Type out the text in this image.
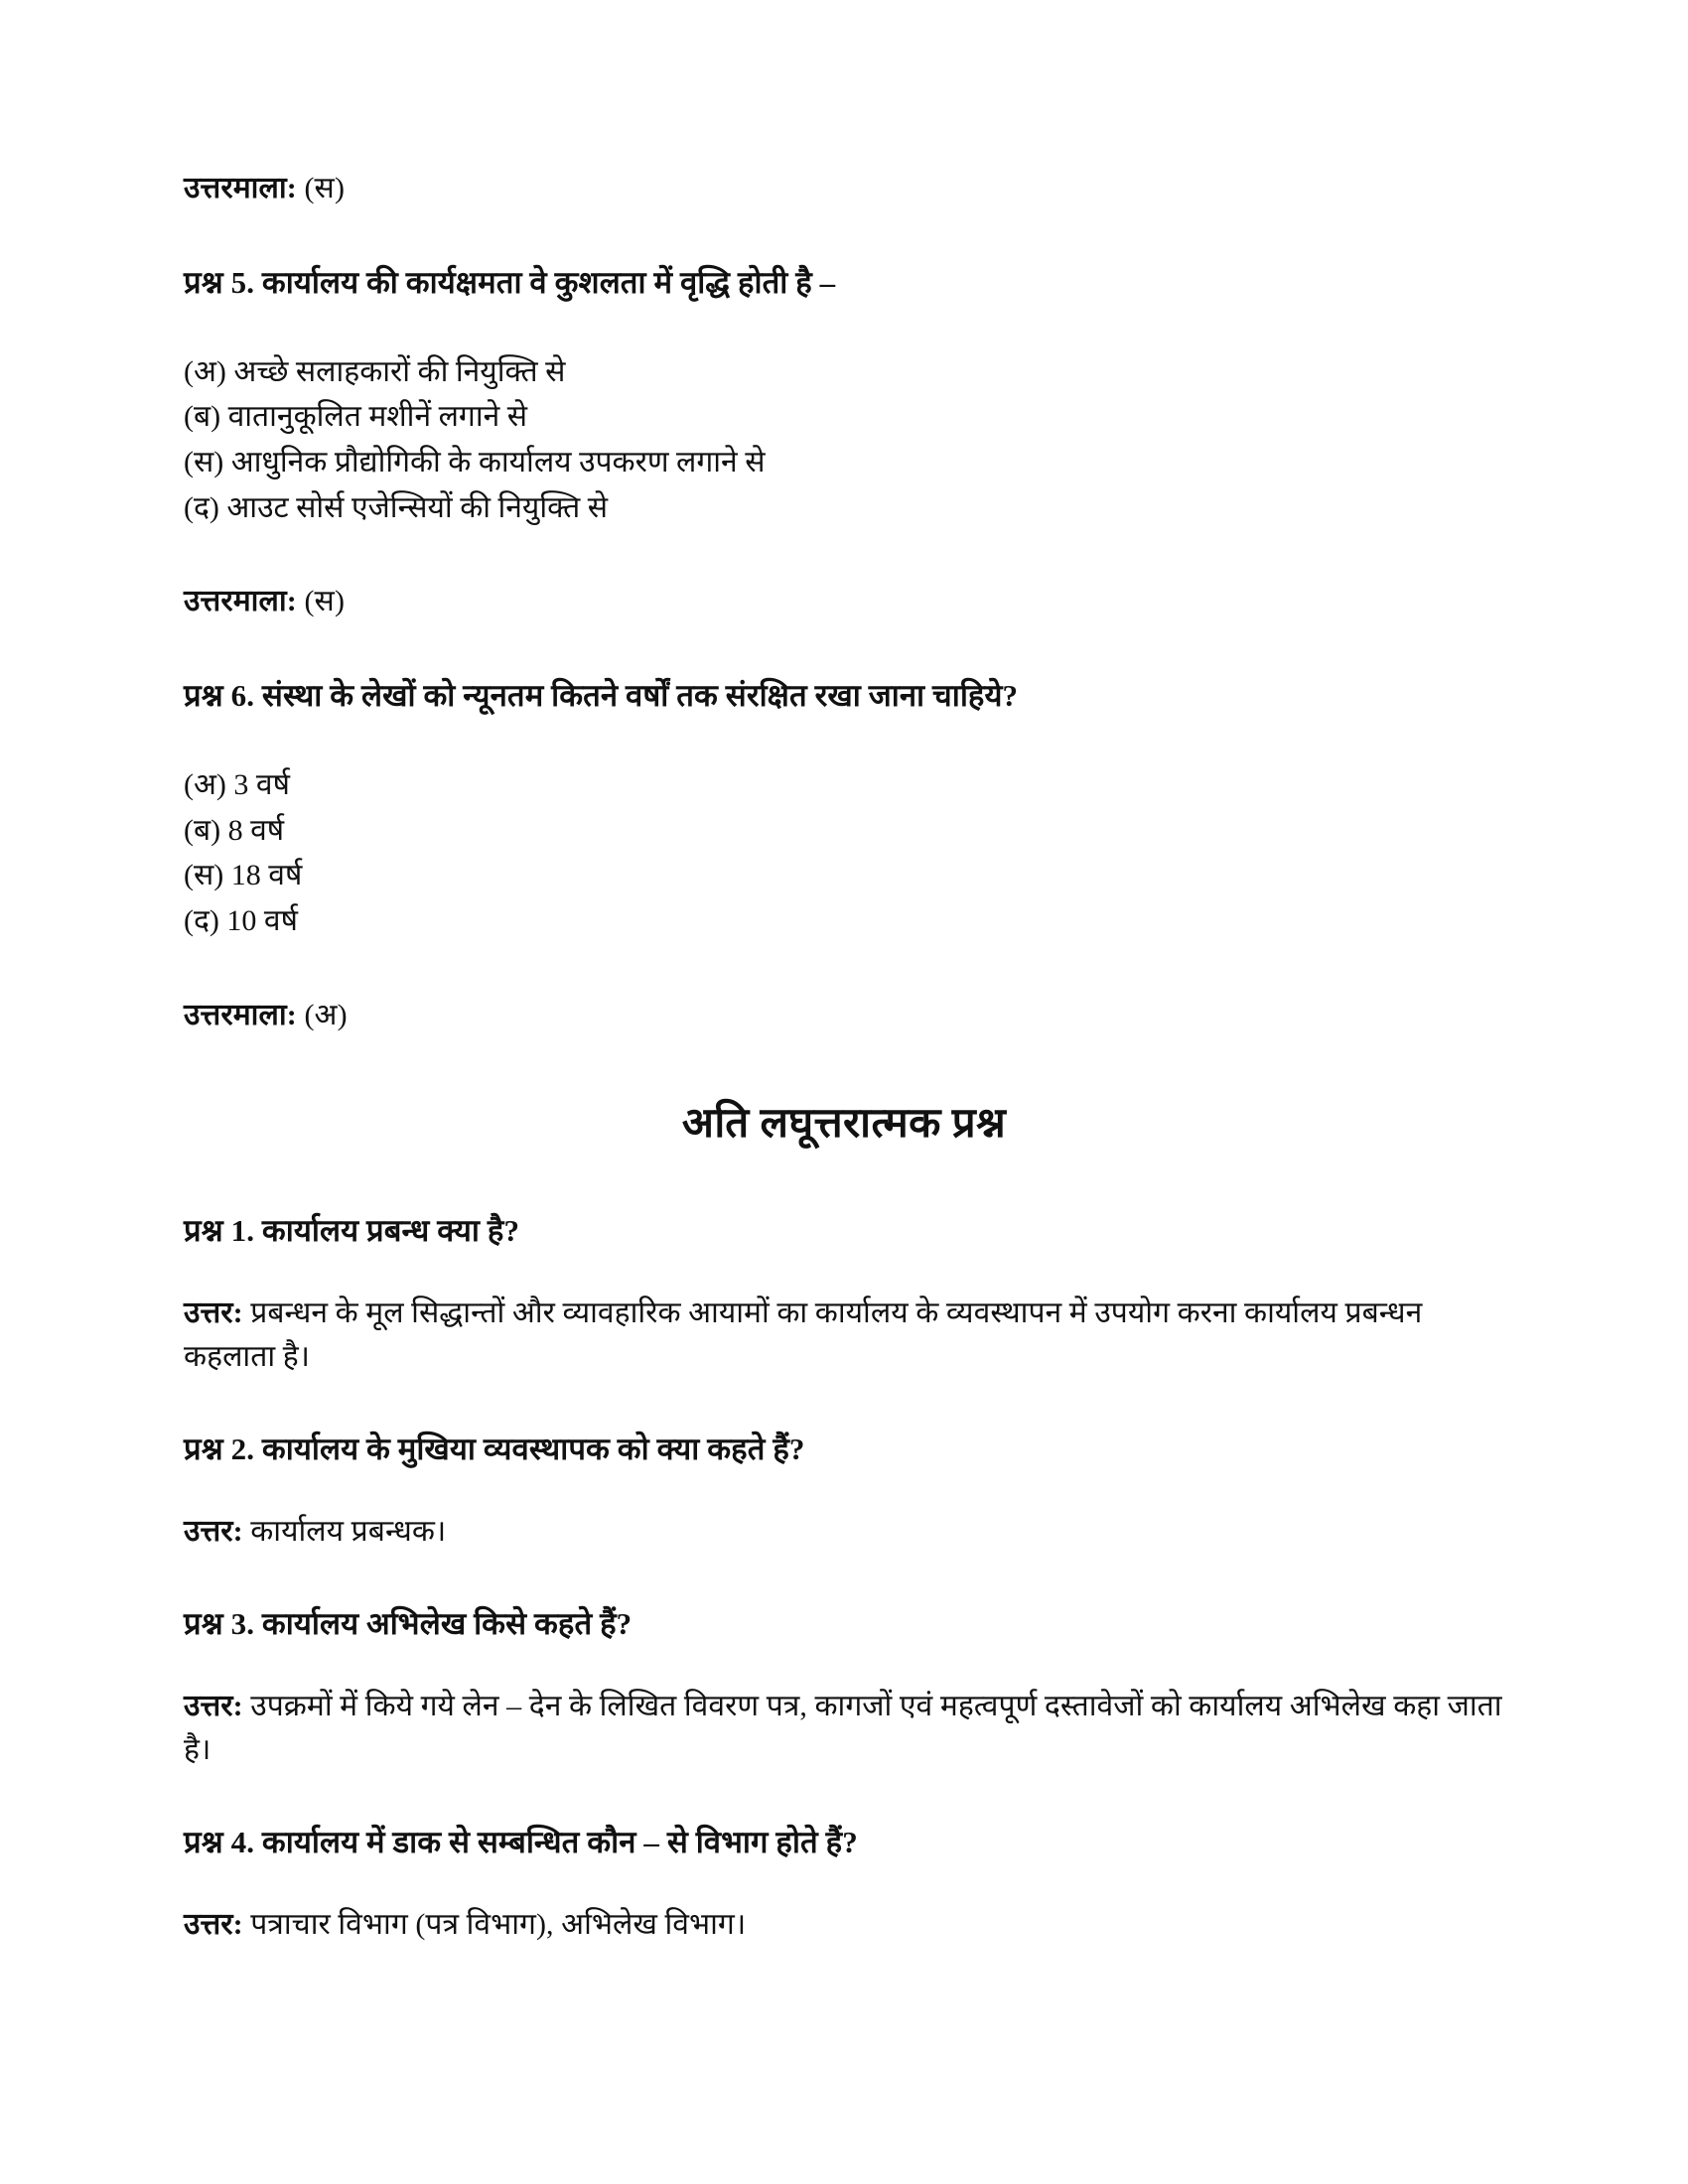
उत्तरमाला: (स)

प्रश्न 5. कार्यालय की कार्यक्षमता वे कुशलता में वृद्धि होती है –

(अ) अच्छे सलाहकारों की नियुक्ति से
(ब) वातानुकूलित मशीनें लगाने से
(स) आधुनिक प्रौद्योगिकी के कार्यालय उपकरण लगाने से
(द) आउट सोर्स एजेन्सियों की नियुक्ति से

उत्तरमाला: (स)

प्रश्न 6. संस्था के लेखों को न्यूनतम कितने वर्षों तक संरक्षित रखा जाना चाहिये?

(अ) 3 वर्ष
(ब) 8 वर्ष
(स) 18 वर्ष
(द) 10 वर्ष

उत्तरमाला: (अ)

अति लघूत्तरात्मक प्रश्न

प्रश्न 1. कार्यालय प्रबन्ध क्या है?

उत्तर: प्रबन्धन के मूल सिद्धान्तों और व्यावहारिक आयामों का कार्यालय के व्यवस्थापन में उपयोग करना कार्यालय प्रबन्धन कहलाता है।

प्रश्न 2. कार्यालय के मुखिया व्यवस्थापक को क्या कहते हैं?

उत्तर: कार्यालय प्रबन्धक।

प्रश्न 3. कार्यालय अभिलेख किसे कहते हैं?

उत्तर: उपक्रमों में किये गये लेन – देन के लिखित विवरण पत्र, कागजों एवं महत्वपूर्ण दस्तावेजों को कार्यालय अभिलेख कहा जाता है।

प्रश्न 4. कार्यालय में डाक से सम्बन्धित कौन – से विभाग होते हैं?

उत्तर: पत्राचार विभाग (पत्र विभाग), अभिलेख विभाग।
